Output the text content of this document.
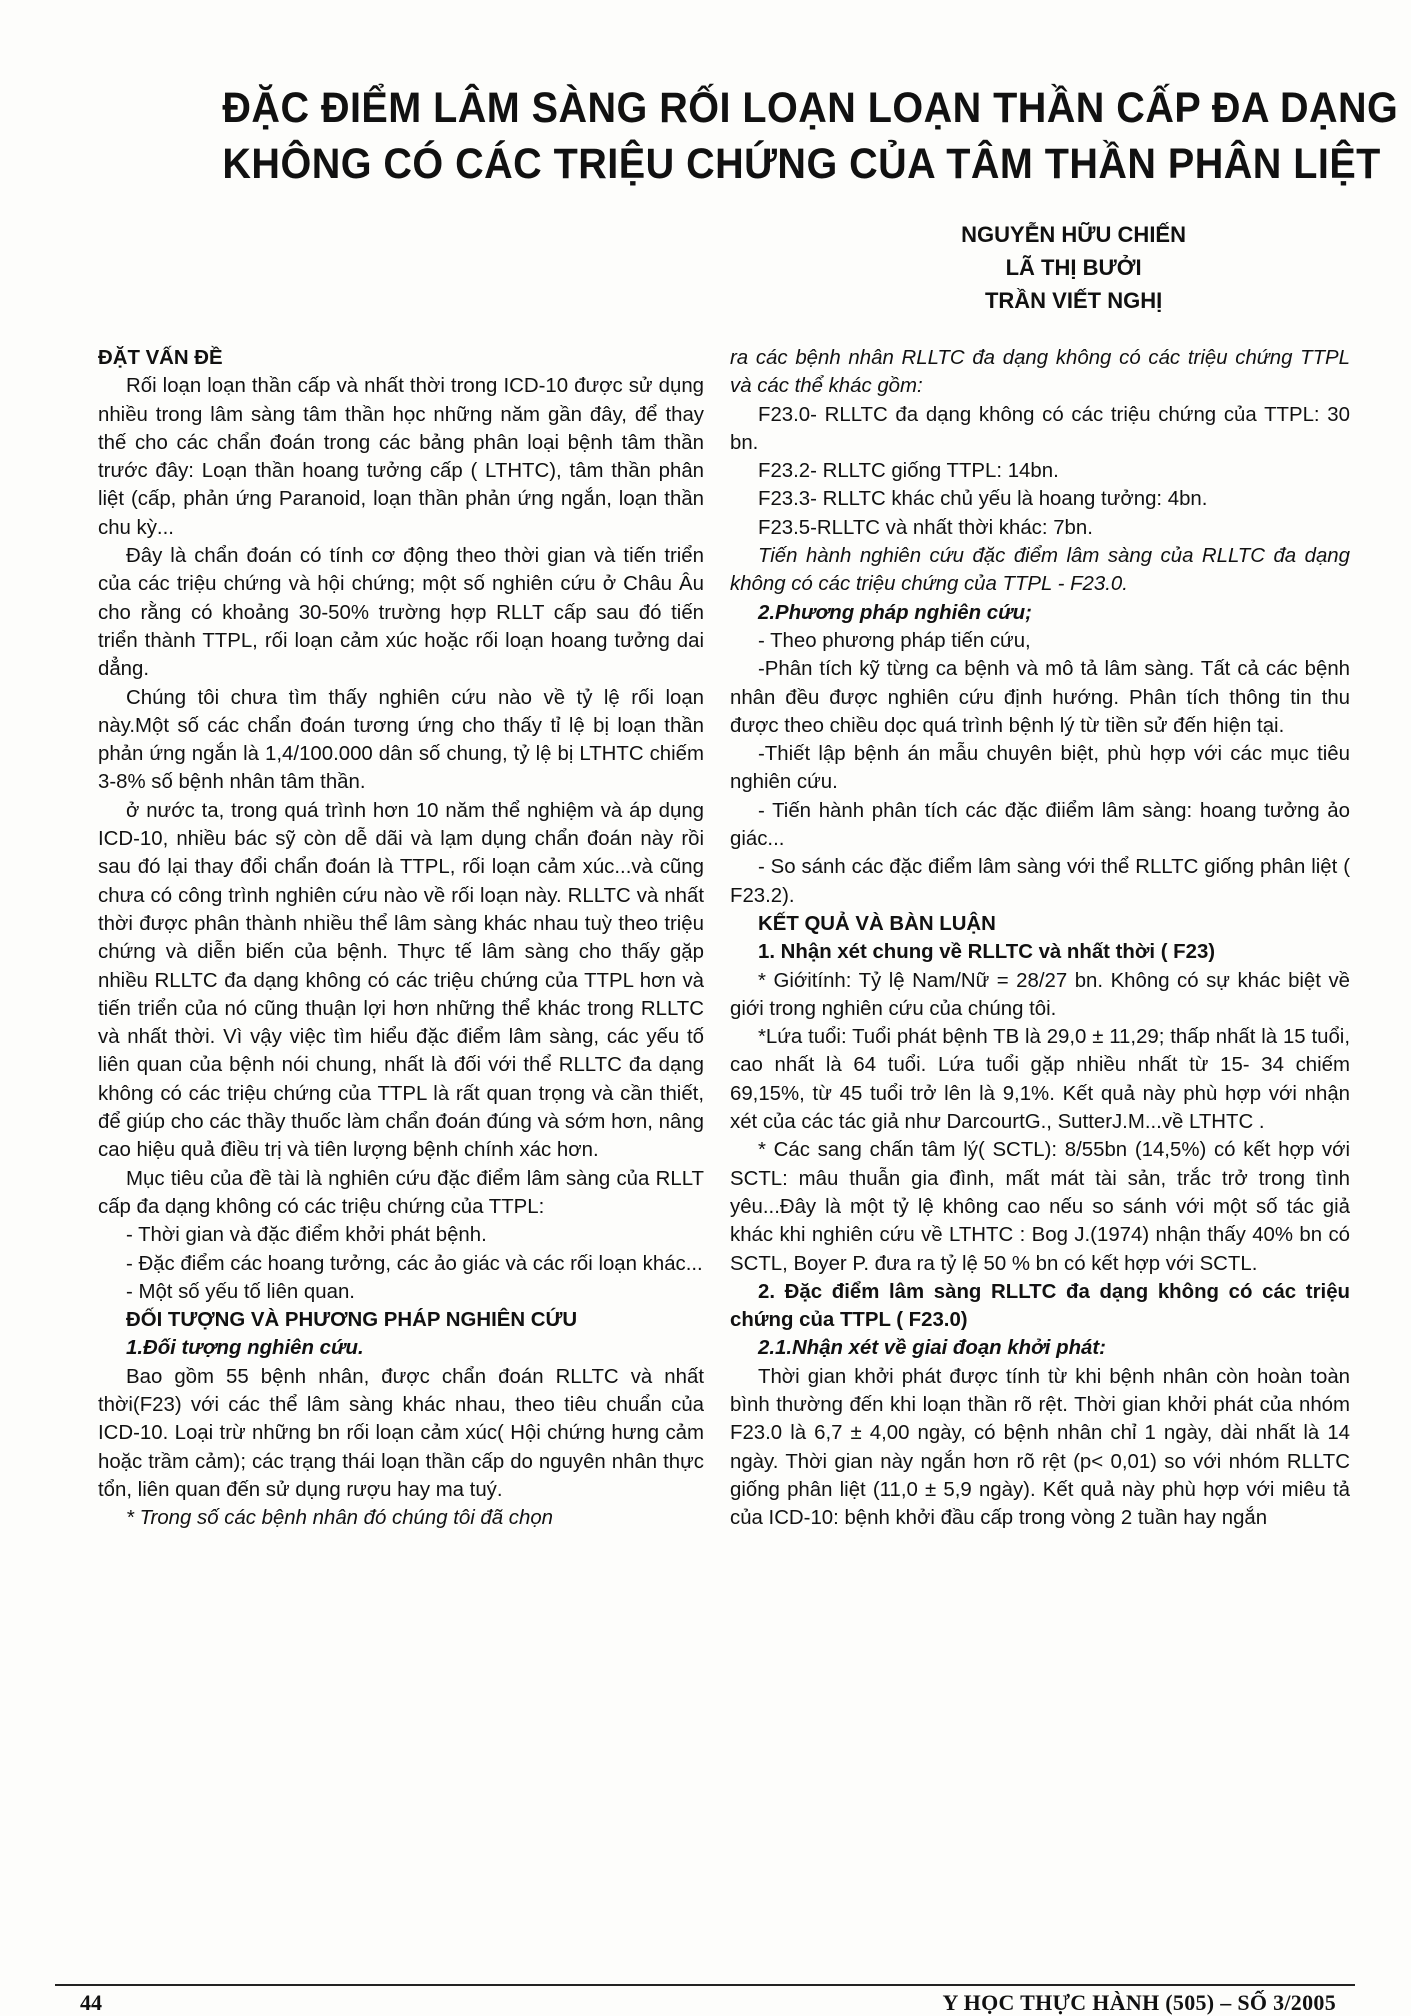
ĐẶC ĐIỂM LÂM SÀNG RỐI LOẠN LOẠN THẦN CẤP ĐA DẠNG
KHÔNG CÓ CÁC TRIỆU CHỨNG CỦA TÂM THẦN PHÂN LIỆT
NGUYỄN HỮU CHIẾN
LÃ THỊ BƯỞI
TRẦN VIẾT NGHỊ

ĐẶT VẤN ĐỀ

Rối loạn loạn thần cấp và nhất thời trong ICD-10 được sử dụng nhiều trong lâm sàng tâm thần học những năm gần đây, để thay thế cho các chẩn đoán trong các bảng phân loại bệnh tâm thần trước đây: Loạn thần hoang tưởng cấp ( LTHTC), tâm thần phân liệt (cấp, phản ứng Paranoid, loạn thần phản ứng ngắn, loạn thần chu kỳ...

Đây là chẩn đoán có tính cơ động theo thời gian và tiến triển của các triệu chứng và hội chứng; một số nghiên cứu ở Châu Âu cho rằng có khoảng 30-50% trường hợp RLLT cấp sau đó tiến triển thành TTPL, rối loạn cảm xúc hoặc rối loạn hoang tưởng dai dẳng.

Chúng tôi chưa tìm thấy nghiên cứu nào về tỷ lệ rối loạn này.Một số các chẩn đoán tương ứng cho thấy tỉ lệ bị loạn thần phản ứng ngắn là 1,4/100.000 dân số chung, tỷ lệ bị LTHTC chiếm 3-8% số bệnh nhân tâm thần.

ở nước ta, trong quá trình hơn 10 năm thể nghiệm và áp dụng ICD-10, nhiều bác sỹ còn dễ dãi và lạm dụng chẩn đoán này rồi sau đó lại thay đổi chẩn đoán là TTPL, rối loạn cảm xúc...và cũng chưa có công trình nghiên cứu nào về rối loạn này. RLLTC và nhất thời được phân thành nhiều thể lâm sàng khác nhau tuỳ theo triệu chứng và diễn biến của bệnh. Thực tế lâm sàng cho thấy gặp nhiều RLLTC đa dạng không có các triệu chứng của TTPL hơn và tiến triển của nó cũng thuận lợi hơn những thể khác trong RLLTC và nhất thời. Vì vậy việc tìm hiểu đặc điểm lâm sàng, các yếu tố liên quan của bệnh nói chung, nhất là đối với thể RLLTC đa dạng không có các triệu chứng của TTPL là rất quan trọng và cần thiết, để giúp cho các thầy thuốc làm chẩn đoán đúng và sớm hơn, nâng cao hiệu quả điều trị và tiên lượng bệnh chính xác hơn.

Mục tiêu của đề tài là nghiên cứu đặc điểm lâm sàng của RLLT cấp đa dạng không có các triệu chứng của TTPL:

- Thời gian và đặc điểm khởi phát bệnh.

- Đặc điểm các hoang tưởng, các ảo giác và các rối loạn khác...

- Một số yếu tố liên quan.

ĐỐI TƯỢNG VÀ PHƯƠNG PHÁP NGHIÊN CỨU

1.Đối tượng nghiên cứu.

Bao gồm 55 bệnh nhân, được chẩn đoán RLLTC và nhất thời(F23) với các thể lâm sàng khác nhau, theo tiêu chuẩn của ICD-10. Loại trừ những bn rối loạn cảm xúc( Hội chứng hưng cảm hoặc trầm cảm); các trạng thái loạn thần cấp do nguyên nhân thực tổn, liên quan đến sử dụng rượu hay ma tuý.

* Trong số các bệnh nhân đó chúng tôi đã chọn

ra các bệnh nhân RLLTC đa dạng không có các triệu chứng TTPL và các thể khác gồm:

F23.0- RLLTC đa dạng không có các triệu chứng của TTPL: 30 bn.

F23.2- RLLTC giống TTPL: 14bn.

F23.3- RLLTC khác chủ yếu là hoang tưởng: 4bn.

F23.5-RLLTC và nhất thời khác: 7bn.

Tiến hành nghiên cứu đặc điểm lâm sàng của RLLTC đa dạng không có các triệu chứng của TTPL - F23.0.

2.Phương pháp nghiên cứu;

- Theo phương pháp tiến cứu,

-Phân tích kỹ từng ca bệnh và mô tả lâm sàng. Tất cả các bệnh nhân đều được nghiên cứu định hướng. Phân tích thông tin thu được theo chiều dọc quá trình bệnh lý từ tiền sử đến hiện tại.

-Thiết lập bệnh án mẫu chuyên biệt, phù hợp với các mục tiêu nghiên cứu.

- Tiến hành phân tích các đặc điiểm lâm sàng: hoang tưởng ảo giác...

- So sánh các đặc điểm lâm sàng với thể RLLTC giống phân liệt ( F23.2).

KẾT QUẢ VÀ BÀN LUẬN

1. Nhận xét chung về RLLTC và nhất thời ( F23)

* Giớitính: Tỷ lệ Nam/Nữ = 28/27 bn. Không có sự khác biệt về giới trong nghiên cứu của chúng tôi.

*Lứa tuổi: Tuổi phát bệnh TB là 29,0 ± 11,29; thấp nhất là 15 tuổi, cao nhất là 64 tuổi. Lứa tuổi gặp nhiều nhất từ 15- 34 chiếm 69,15%, từ 45 tuổi trở lên là 9,1%. Kết quả này phù hợp với nhận xét của các tác giả như DarcourtG., SutterJ.M...về LTHTC .

* Các sang chấn tâm lý( SCTL): 8/55bn (14,5%) có kết hợp với SCTL: mâu thuẫn gia đình, mất mát tài sản, trắc trở trong tình yêu...Đây là một tỷ lệ không cao nếu so sánh với một số tác giả khác khi nghiên cứu về LTHTC : Bog J.(1974) nhận thấy 40% bn có SCTL, Boyer P. đưa ra tỷ lệ 50 % bn có kết hợp với SCTL.

2. Đặc điểm lâm sàng RLLTC đa dạng không có các triệu chứng của TTPL ( F23.0)

2.1.Nhận xét về giai đoạn khởi phát:

Thời gian khởi phát được tính từ khi bệnh nhân còn hoàn toàn bình thường đến khi loạn thần rõ rệt. Thời gian khởi phát của nhóm F23.0 là 6,7 ± 4,00 ngày, có bệnh nhân chỉ 1 ngày, dài nhất là 14 ngày. Thời gian này ngắn hơn rõ rệt (p< 0,01) so với nhóm RLLTC giống phân liệt (11,0 ± 5,9 ngày). Kết quả này phù hợp với miêu tả của ICD-10: bệnh khởi đầu cấp trong vòng 2 tuần hay ngắn

44	Y HỌC THỰC HÀNH (505) – SỐ 3/2005
